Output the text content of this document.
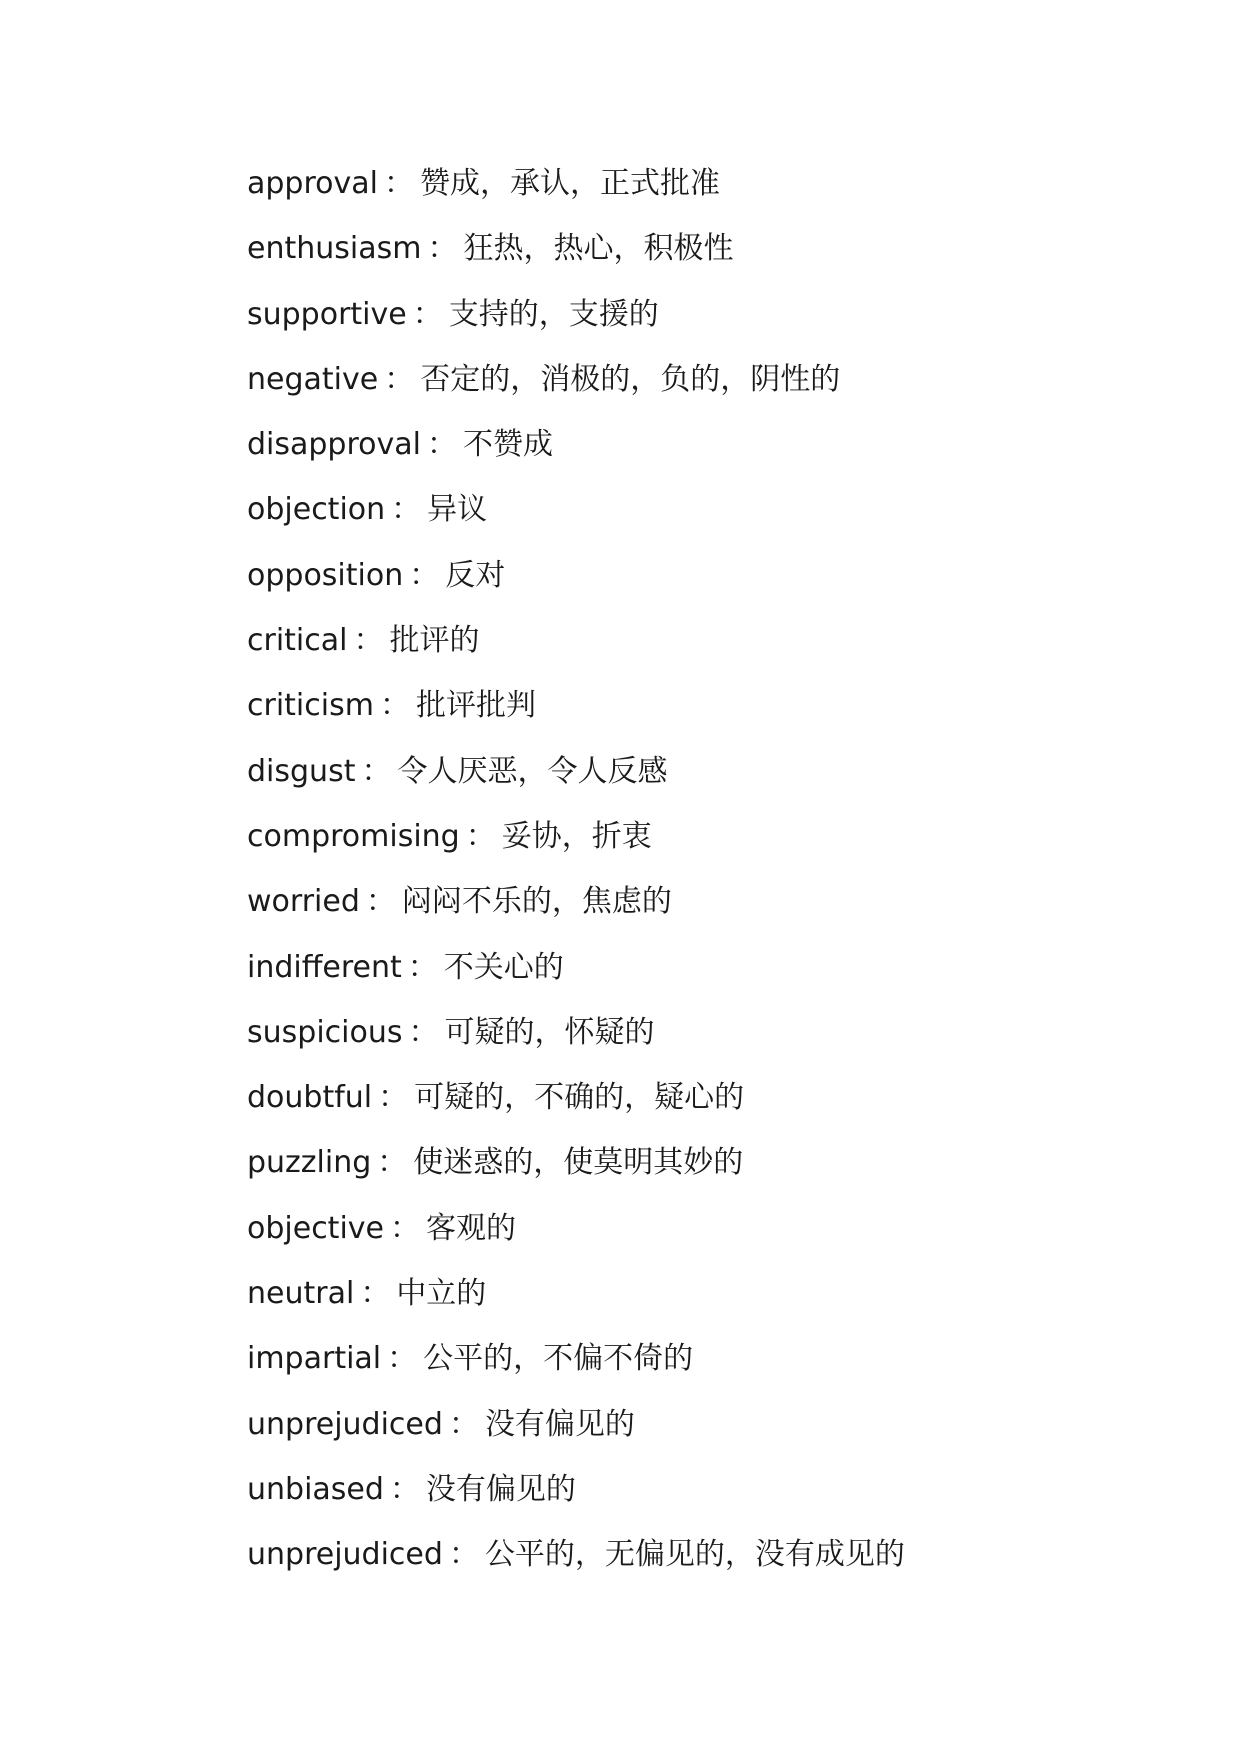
approval ： 赞成，承认，正式批准
enthusiasm ： 狂热，热心，积极性
supportive ： 支持的，支援的
negative ： 否定的，消极的，负的，阴性的
disapproval ： 不赞成
objection ： 异议
opposition ： 反对
critical ： 批评的
criticism ： 批评批判
disgust ： 令人厌恶，令人反感
compromising ： 妥协，折衷
worried ： 闷闷不乐的，焦虑的
indifferent ： 不关心的
suspicious ： 可疑的，怀疑的
doubtful ： 可疑的，不确的，疑心的
puzzling ： 使迷惑的，使莫明其妙的
objective ： 客观的
neutral ： 中立的
impartial ： 公平的，不偏不倚的
unprejudiced ： 没有偏见的
unbiased ： 没有偏见的
unprejudiced ： 公平的，无偏见的，没有成见的
